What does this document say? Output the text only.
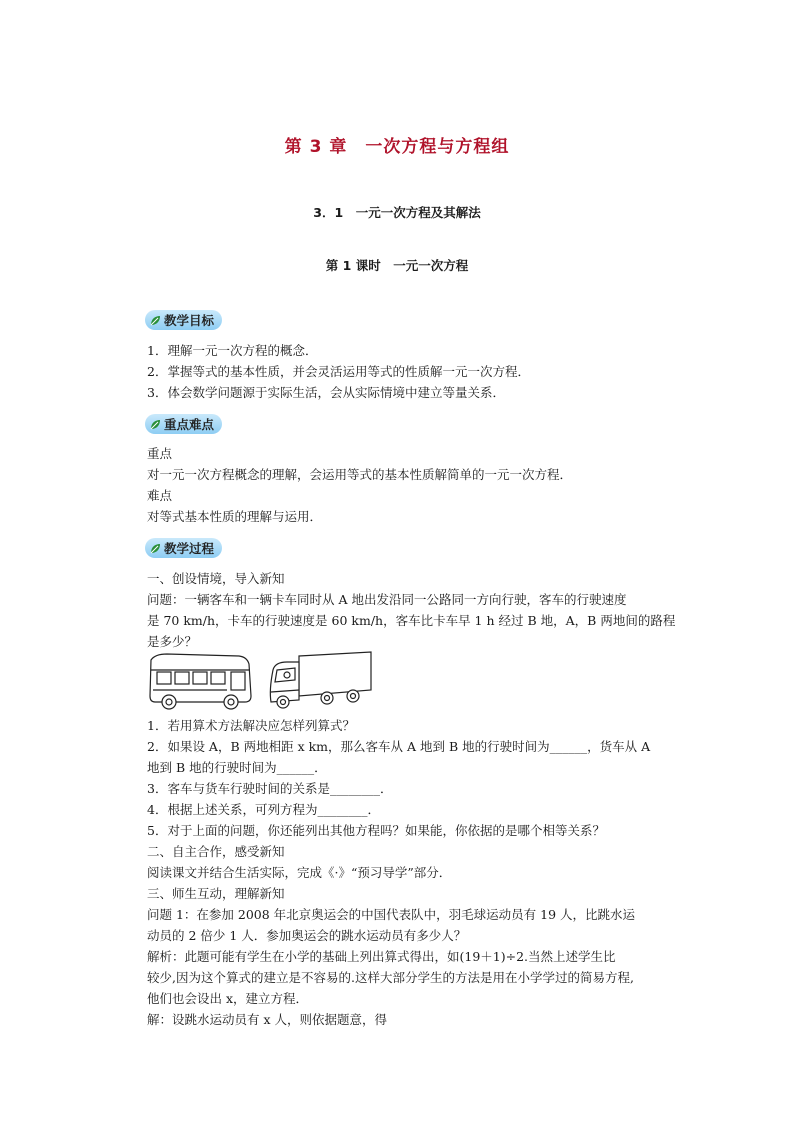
第 3 章　一次方程与方程组
3．1　一元一次方程及其解法
第 1 课时　一元一次方程
教学目标
1．理解一元一次方程的概念．
2．掌握等式的基本性质，并会灵活运用等式的性质解一元一次方程．
3．体会数学问题源于实际生活，会从实际情境中建立等量关系．
重点难点
重点
对一元一次方程概念的理解，会运用等式的基本性质解简单的一元一次方程．
难点
对等式基本性质的理解与运用．
教学过程
一、创设情境，导入新知
问题：一辆客车和一辆卡车同时从 A 地出发沿同一公路同一方向行驶，客车的行驶速度
是 70 km/h，卡车的行驶速度是 60 km/h，客车比卡车早 1 h 经过 B 地，A，B 两地间的路程
是多少？
1．若用算术方法解决应怎样列算式？
2．如果设 A，B 两地相距 x km，那么客车从 A 地到 B 地的行驶时间为______，货车从 A
地到 B 地的行驶时间为______．
3．客车与货车行驶时间的关系是________．
4．根据上述关系，可列方程为________．
5．对于上面的问题，你还能列出其他方程吗？如果能，你依据的是哪个相等关系？
二、自主合作，感受新知
阅读课文并结合生活实际，完成《·》“预习导学”部分．
三、师生互动，理解新知
问题 1：在参加 2008 年北京奥运会的中国代表队中，羽毛球运动员有 19 人，比跳水运
动员的 2 倍少 1 人．参加奥运会的跳水运动员有多少人？
解析：此题可能有学生在小学的基础上列出算式得出，如(19＋1)÷2.当然上述学生比
较少,因为这个算式的建立是不容易的.这样大部分学生的方法是用在小学学过的简易方程,
他们也会设出 x，建立方程．
解：设跳水运动员有 x 人，则依据题意，得
